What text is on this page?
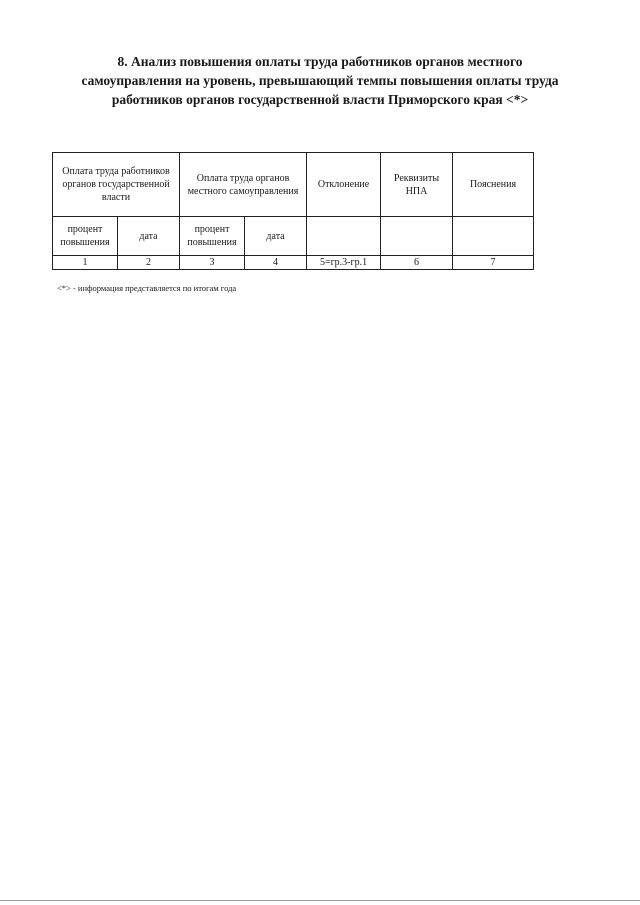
8. Анализ повышения оплаты труда работников органов местного
самоуправления на уровень, превышающий темпы повышения оплаты труда
работников органов государственной власти Приморского края <*>
Оплата труда работников органов государственной власти		Оплата труда органов местного самоуправления		Отклонение	Реквизиты НПА	Пояснения
процент повышения	дата	процент повышения	дата			
1	2	3	4	5=гр.3-гр.1	6	7
<*> - информация представляется по итогам года
